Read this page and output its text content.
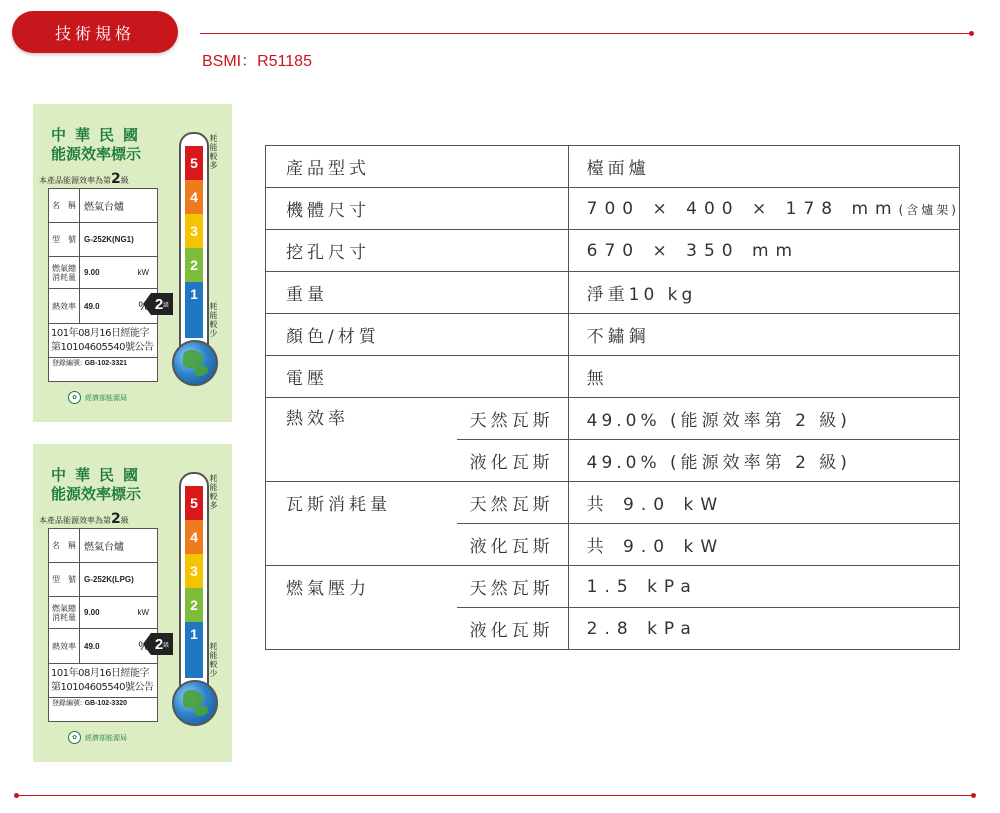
技術規格
BSMI：R51185
中華民國
能源效率標示
本產品能源效率為第2級
名　稱 燃氣台爐
型　號	G-252K(NG1)
燃氣總消耗量	9.00	kW
熱效率	49.0	%
101年08月16日經能字
第10104605540號公告
登錄編號: GB-102-3321
2 級
5
4
3
2
1
耗能較多
耗能較少
✿	經濟部能源局
中華民國
能源效率標示
本產品能源效率為第2級
名　稱 燃氣台爐
型　號	G-252K(LPG)
燃氣總消耗量	9.00	kW
熱效率	49.0	%
101年08月16日經能字
第10104605540號公告
登錄編號: GB-102-3320
2 級
5
4
3
2
1
耗能較多
耗能較少
✿	經濟部能源局
產品型式		檯面爐
機體尺寸		700 × 400 × 178 mm(含爐架)
挖孔尺寸		670 × 350 mm
重量		淨重10 kg
顏色/材質		不鏽鋼
電壓		無
熱效率	天然瓦斯	49.0% (能源效率第 2 級)
	液化瓦斯	49.0% (能源效率第 2 級)
瓦斯消耗量	天然瓦斯	共 9.0 kW
	液化瓦斯	共 9.0 kW
燃氣壓力	天然瓦斯	1.5 kPa
	液化瓦斯	2.8 kPa
